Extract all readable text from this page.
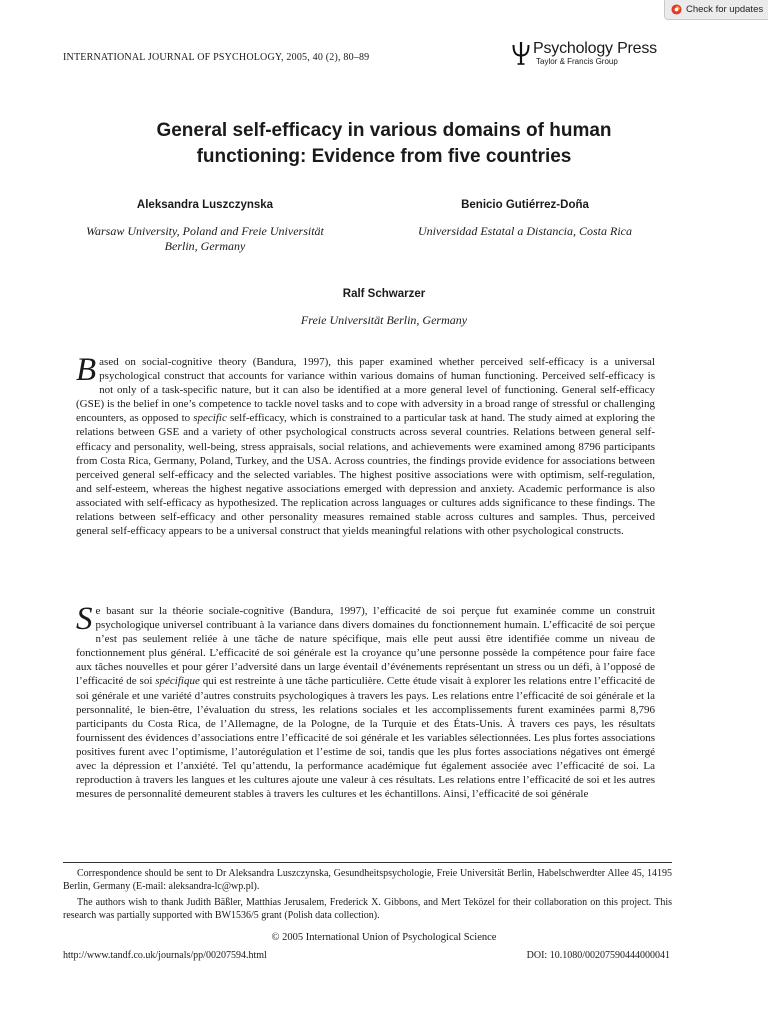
Check for updates
INTERNATIONAL JOURNAL OF PSYCHOLOGY, 2005, 40 (2), 80–89
Psychology Press
Taylor & Francis Group
General self-efficacy in various domains of human
functioning: Evidence from five countries
Aleksandra Luszczynska
Warsaw University, Poland and Freie Universität
Berlin, Germany
Benicio Gutiérrez-Doña
Universidad Estatal a Distancia, Costa Rica
Ralf Schwarzer
Freie Universität Berlin, Germany
Based on social-cognitive theory (Bandura, 1997), this paper examined whether perceived self-efficacy is a universal psychological construct that accounts for variance within various domains of human functioning. Perceived self-efficacy is not only of a task-specific nature, but it can also be identified at a more general level of functioning. General self-efficacy (GSE) is the belief in one’s competence to tackle novel tasks and to cope with adversity in a broad range of stressful or challenging encounters, as opposed to specific self-efficacy, which is constrained to a particular task at hand. The study aimed at exploring the relations between GSE and a variety of other psychological constructs across several countries. Relations between general self-efficacy and personality, well-being, stress appraisals, social relations, and achievements were examined among 8796 participants from Costa Rica, Germany, Poland, Turkey, and the USA. Across countries, the findings provide evidence for associations between perceived general self-efficacy and the selected variables. The highest positive associations were with optimism, self-regulation, and self-esteem, whereas the highest negative associations emerged with depression and anxiety. Academic performance is also associated with self-efficacy as hypothesized. The replication across languages or cultures adds significance to these findings. The relations between self-efficacy and other personality measures remained stable across cultures and samples. Thus, perceived general self-efficacy appears to be a universal construct that yields meaningful relations with other psychological constructs.
Se basant sur la théorie sociale-cognitive (Bandura, 1997), l’efficacité de soi perçue fut examinée comme un construit psychologique universel contribuant à la variance dans divers domaines du fonctionnement humain. L’efficacité de soi perçue n’est pas seulement reliée à une tâche de nature spécifique, mais elle peut aussi être identifiée comme un niveau de fonctionnement plus général. L’efficacité de soi générale est la croyance qu’une personne possède la compétence pour faire face aux tâches nouvelles et pour gérer l’adversité dans un large éventail d’événements représentant un stress ou un défi, à l’opposé de l’efficacité de soi spécifique qui est restreinte à une tâche particulière. Cette étude visait à explorer les relations entre l’efficacité de soi générale et une variété d’autres construits psychologiques à travers les pays. Les relations entre l’efficacité de soi générale et la personnalité, le bien-être, l’évaluation du stress, les relations sociales et les accomplissements furent examinées parmi 8,796 participants du Costa Rica, de l’Allemagne, de la Pologne, de la Turquie et des États-Unis. À travers ces pays, les résultats fournissent des évidences d’associations entre l’efficacité de soi générale et les variables sélectionnées. Les plus fortes associations positives furent avec l’optimisme, l’autorégulation et l’estime de soi, tandis que les plus fortes associations négatives ont émergé avec la dépression et l’anxiété. Tel qu’attendu, la performance académique fut également associée avec l’efficacité de soi. La reproduction à travers les langues et les cultures ajoute une valeur à ces résultats. Les relations entre l’efficacité de soi et les autres mesures de personnalité demeurent stables à travers les cultures et les échantillons. Ainsi, l’efficacité de soi générale
Correspondence should be sent to Dr Aleksandra Luszczynska, Gesundheitspsychologie, Freie Universität Berlin, Habelschwerdter Allee 45, 14195 Berlin, Germany (E-mail: aleksandra-lc@wp.pl).
The authors wish to thank Judith Bäßler, Matthias Jerusalem, Frederick X. Gibbons, and Mert Teközel for their collaboration on this project. This research was partially supported with BW1536/5 grant (Polish data collection).
© 2005 International Union of Psychological Science
http://www.tandf.co.uk/journals/pp/00207594.html	DOI: 10.1080/00207590444000041
